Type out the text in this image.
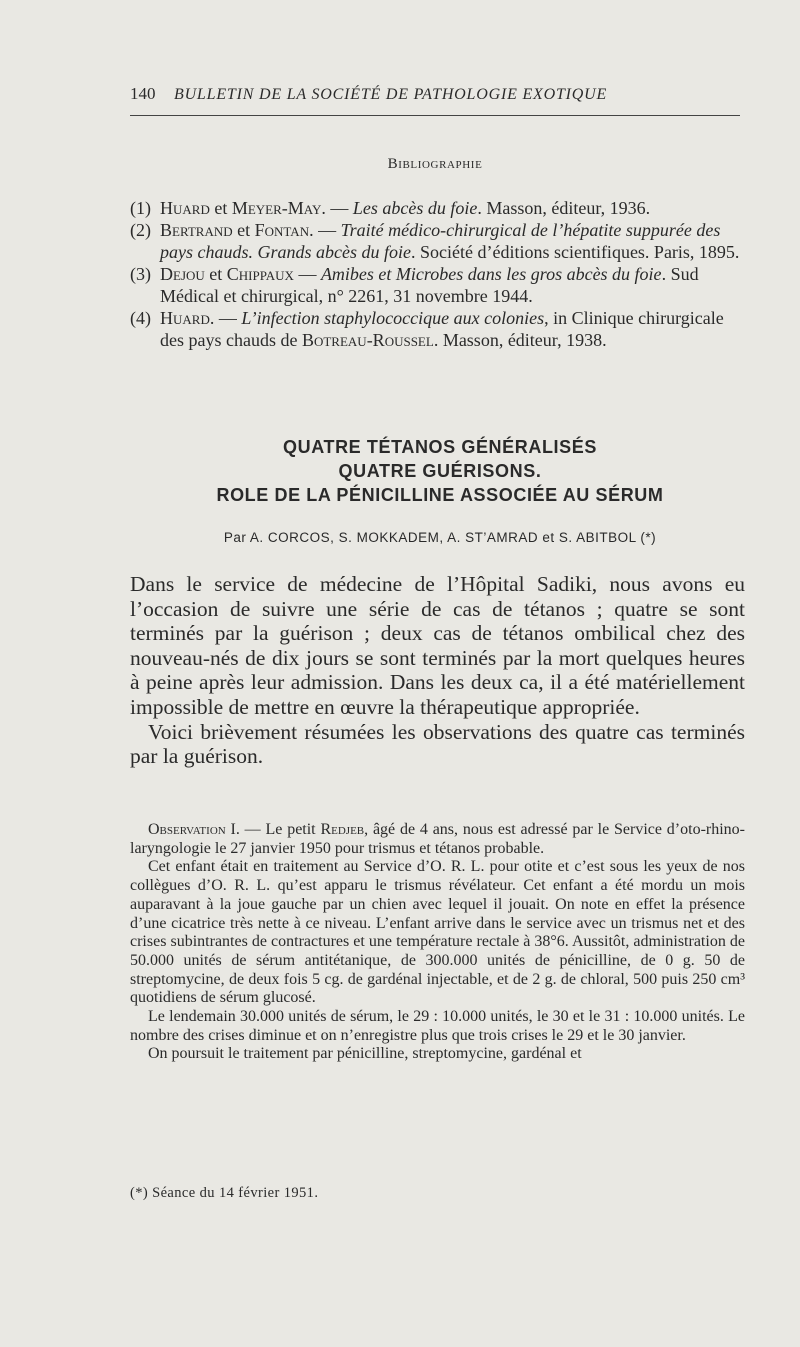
140	BULLETIN DE LA SOCIÉTÉ DE PATHOLOGIE EXOTIQUE
Bibliographie
(1) Huard et Meyer-May. — Les abcès du foie. Masson, éditeur, 1936.
(2) Bertrand et Fontan. — Traité médico-chirurgical de l’hépatite suppurée des pays chauds. Grands abcès du foie. Société d’éditions scientifiques. Paris, 1895.
(3) Dejou et Chippaux — Amibes et Microbes dans les gros abcès du foie. Sud Médical et chirurgical, n° 2261, 31 novembre 1944.
(4) Huard. — L’infection staphylococcique aux colonies, in Clinique chirurgicale des pays chauds de Botreau-Roussel. Masson, éditeur, 1938.
QUATRE TÉTANOS GÉNÉRALISÉS
QUATRE GUÉRISONS.
ROLE DE LA PÉNICILLINE ASSOCIÉE AU SÉRUM
Par A. CORCOS, S. MOKKADEM, A. ST’AMRAD et S. ABITBOL (*)

Dans le service de médecine de l’Hôpital Sadiki, nous avons eu l’occasion de suivre une série de cas de tétanos ; quatre se sont terminés par la guérison ; deux cas de tétanos ombilical chez des nouveau-nés de dix jours se sont terminés par la mort quelques heures à peine après leur admission. Dans les deux ca, il a été matériellement impossible de mettre en œuvre la thérapeutique appropriée.

Voici brièvement résumées les observations des quatre cas terminés par la guérison.

Observation I. — Le petit Redjeb, âgé de 4 ans, nous est adressé par le Service d’oto-rhino-laryngologie le 27 janvier 1950 pour trismus et tétanos probable.

Cet enfant était en traitement au Service d’O. R. L. pour otite et c’est sous les yeux de nos collègues d’O. R. L. qu’est apparu le trismus révélateur. Cet enfant a été mordu un mois auparavant à la joue gauche par un chien avec lequel il jouait. On note en effet la présence d’une cicatrice très nette à ce niveau. L’enfant arrive dans le service avec un trismus net et des crises subintrantes de contractures et une température rectale à 38°6. Aussitôt, administration de 50.000 unités de sérum antitétanique, de 300.000 unités de pénicilline, de 0 g. 50 de streptomycine, de deux fois 5 cg. de gardénal injectable, et de 2 g. de chloral, 500 puis 250 cm³ quotidiens de sérum glucosé.

Le lendemain 30.000 unités de sérum, le 29 : 10.000 unités, le 30 et le 31 : 10.000 unités. Le nombre des crises diminue et on n’enregistre plus que trois crises le 29 et le 30 janvier.

On poursuit le traitement par pénicilline, streptomycine, gardénal et

(*) Séance du 14 février 1951.
